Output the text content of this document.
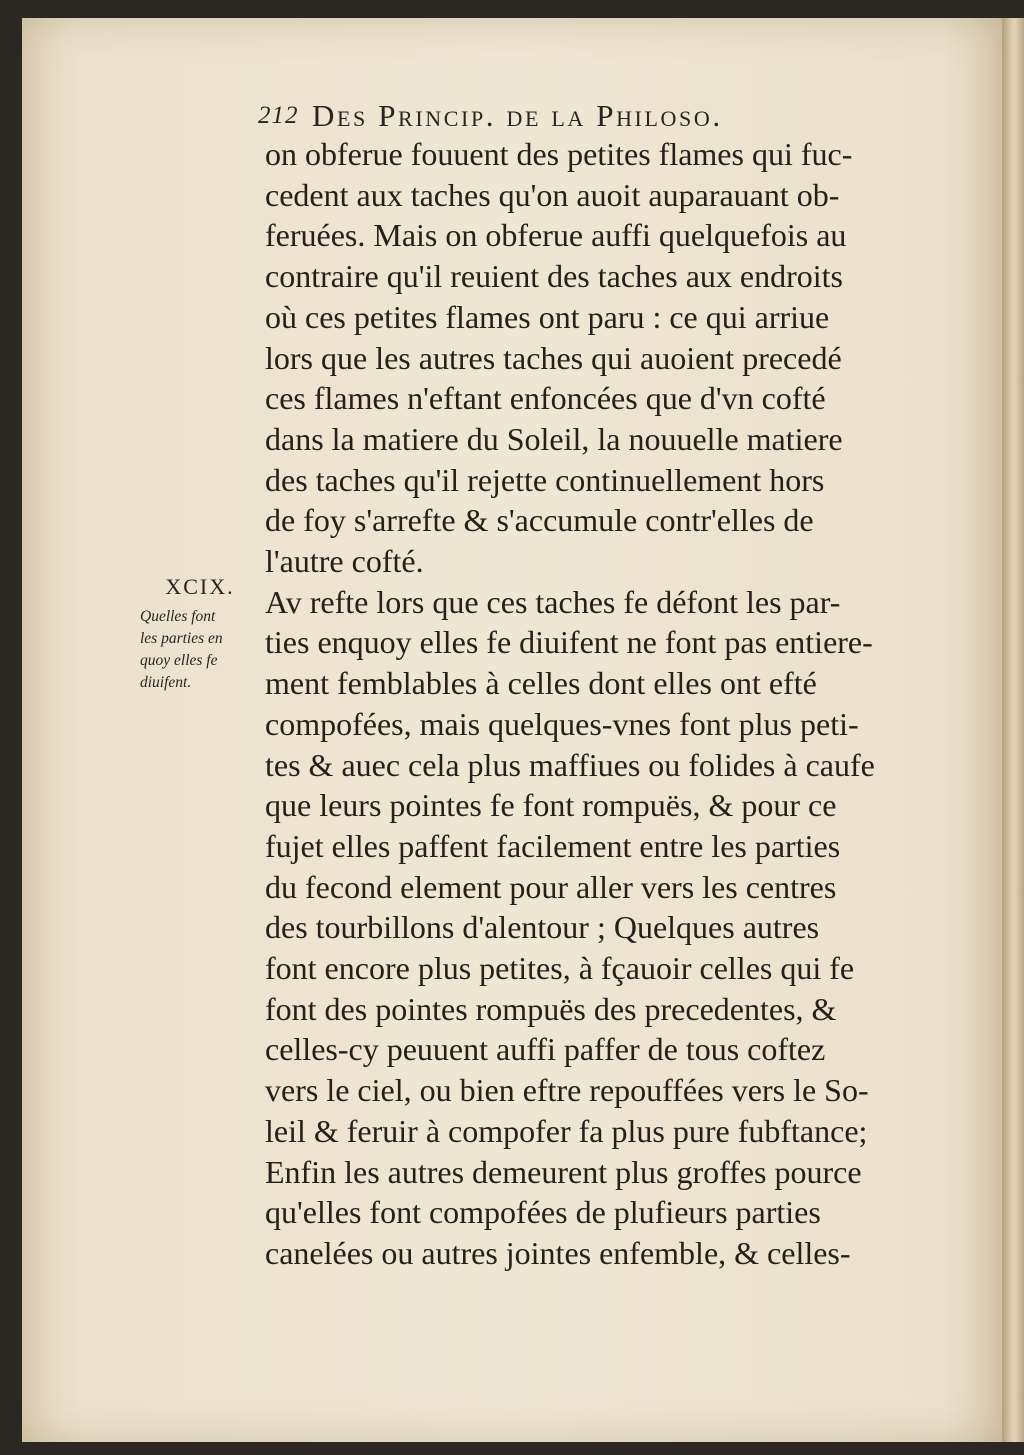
212 Des Princip. de la Philoso.
XCIX.
Quelles font
les parties en
quoy elles fe
diuifent.
on obferue fouuent des petites flames qui fuc-
cedent aux taches qu'on auoit auparauant ob-
feruées. Mais on obferue auffi quelquefois au
contraire qu'il reuient des taches aux endroits
où ces petites flames ont paru : ce qui arriue
lors que les autres taches qui auoient precedé
ces flames n'eftant enfoncées que d'vn cofté
dans la matiere du Soleil, la nouuelle matiere
des taches qu'il rejette continuellement hors
de foy s'arrefte & s'accumule contr'elles de
l'autre cofté.
Av refte lors que ces taches fe défont les par-
ties enquoy elles fe diuifent ne font pas entiere-
ment femblables à celles dont elles ont efté
compofées, mais quelques-vnes font plus peti-
tes & auec cela plus maffiues ou folides à caufe
que leurs pointes fe font rompuës, & pour ce
fujet elles paffent facilement entre les parties
du fecond element pour aller vers les centres
des tourbillons d'alentour ; Quelques autres
font encore plus petites, à fçauoir celles qui fe
font des pointes rompuës des precedentes, &
celles-cy peuuent auffi paffer de tous coftez
vers le ciel, ou bien eftre repouffées vers le So-
leil & feruir à compofer fa plus pure fubftance;
Enfin les autres demeurent plus groffes pource
qu'elles font compofées de plufieurs parties
canelées ou autres jointes enfemble, & celles-
